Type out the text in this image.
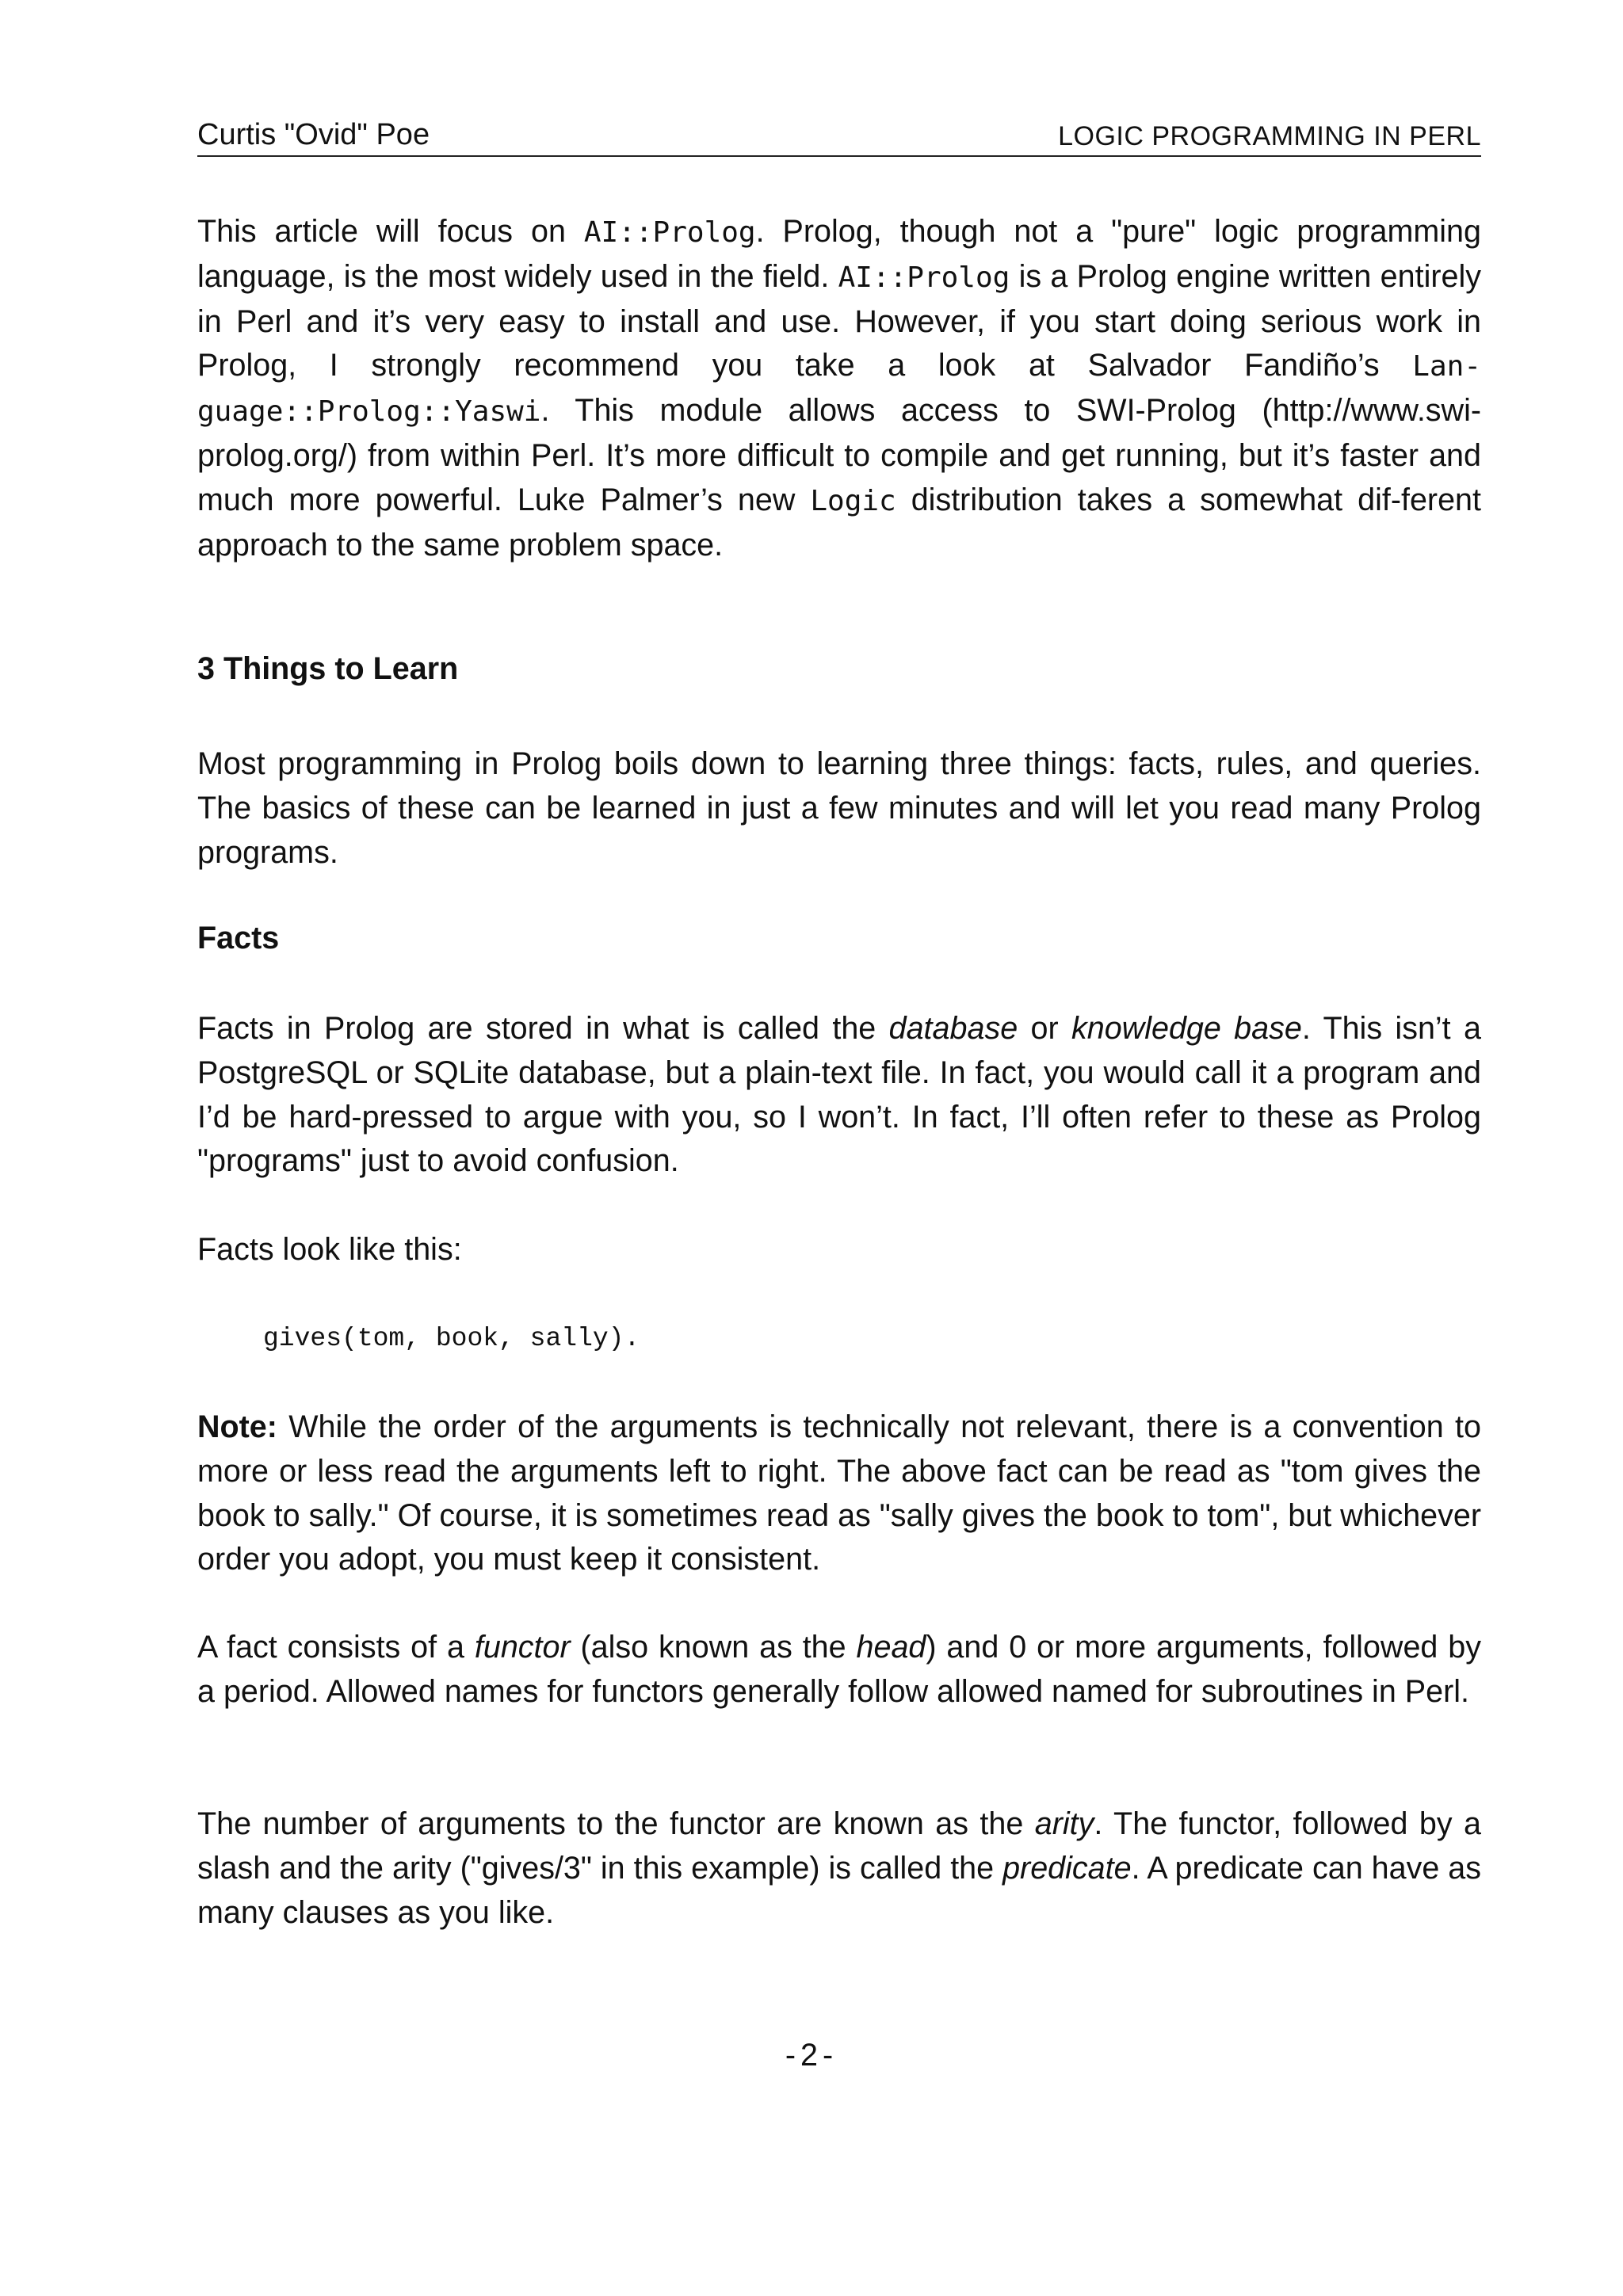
Curtis "Ovid" Poe	LOGIC PROGRAMMING IN PERL

This article will focus on AI::Prolog. Prolog, though not a "pure" logic programming language, is the most widely used in the field. AI::Prolog is a Prolog engine written entirely in Perl and it’s very easy to install and use. However, if you start doing serious work in Prolog, I strongly recommend you take a look at Salvador Fandiño’s Lan-guage::Prolog::Yaswi. This module allows access to SWI-Prolog (http://www.swi-prolog.org/) from within Perl. It’s more difficult to compile and get running, but it’s faster and much more powerful. Luke Palmer’s new Logic distribution takes a somewhat dif-ferent approach to the same problem space.

3 Things to Learn

Most programming in Prolog boils down to learning three things: facts, rules, and queries. The basics of these can be learned in just a few minutes and will let you read many Prolog programs.

Facts

Facts in Prolog are stored in what is called the database or knowledge base. This isn’t a PostgreSQL or SQLite database, but a plain-text file. In fact, you would call it a program and I’d be hard-pressed to argue with you, so I won’t. In fact, I’ll often refer to these as Prolog "programs" just to avoid confusion.

Facts look like this:

gives(tom, book, sally).

Note: While the order of the arguments is technically not relevant, there is a convention to more or less read the arguments left to right. The above fact can be read as "tom gives the book to sally." Of course, it is sometimes read as "sally gives the book to tom", but whichever order you adopt, you must keep it consistent.

A fact consists of a functor (also known as the head) and 0 or more arguments, followed by a period. Allowed names for functors generally follow allowed named for subroutines in Perl.

The number of arguments to the functor are known as the arity. The functor, followed by a slash and the arity ("gives/3" in this example) is called the predicate. A predicate can have as many clauses as you like.

-2-
